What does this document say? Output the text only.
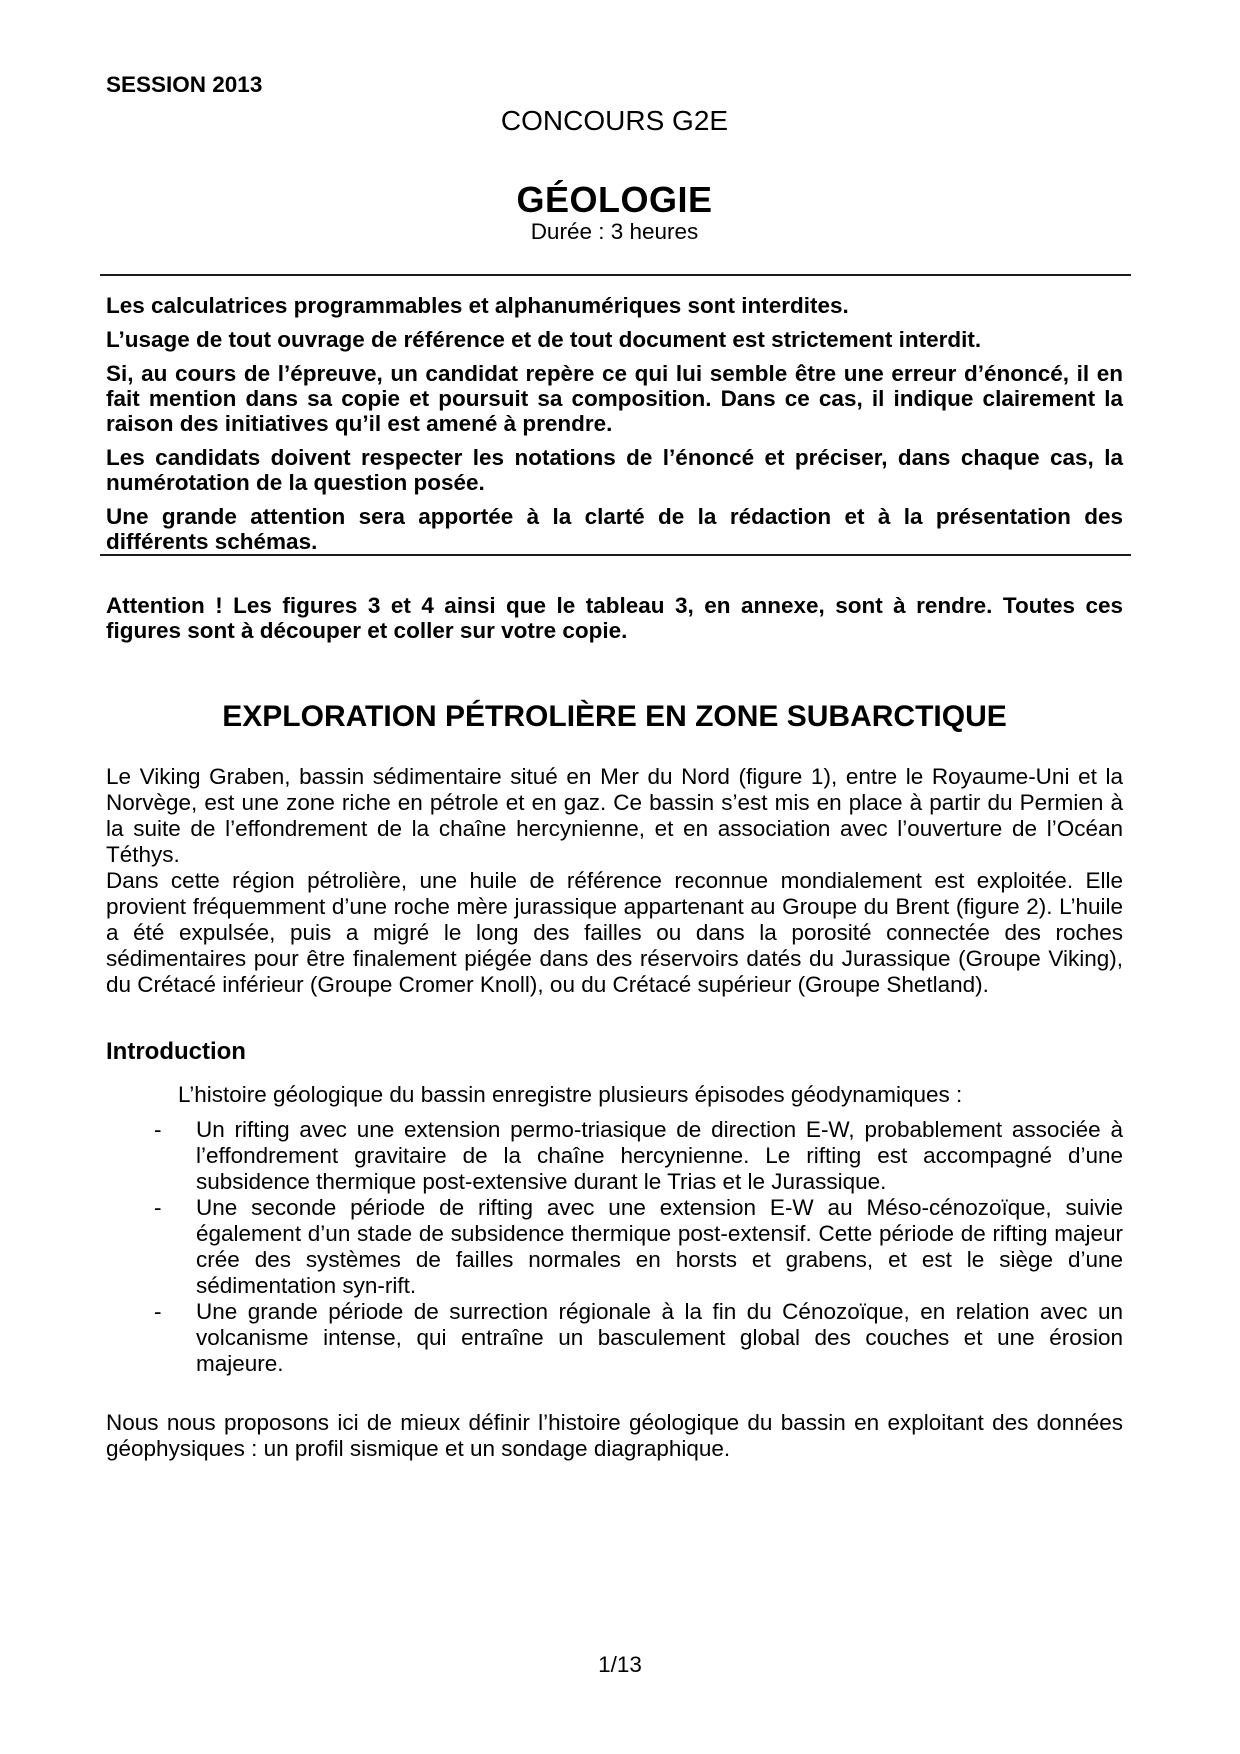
SESSION 2013
CONCOURS G2E
GÉOLOGIE
Durée : 3 heures

Les calculatrices programmables et alphanumériques sont interdites.

L’usage de tout ouvrage de référence et de tout document est strictement interdit.

Si, au cours de l’épreuve, un candidat repère ce qui lui semble être une erreur d’énoncé, il en fait mention dans sa copie et poursuit sa composition. Dans ce cas, il indique clairement la raison des initiatives qu’il est amené à prendre.

Les candidats doivent respecter les notations de l’énoncé et préciser, dans chaque cas, la numérotation de la question posée.

Une grande attention sera apportée à la clarté de la rédaction et à la présentation des différents schémas.

Attention ! Les figures 3 et 4 ainsi que le tableau 3, en annexe, sont à rendre. Toutes ces figures sont à découper et coller sur votre copie.

EXPLORATION PÉTROLIÈRE EN ZONE SUBARCTIQUE

Le Viking Graben, bassin sédimentaire situé en Mer du Nord (figure 1), entre le Royaume-Uni et la Norvège, est une zone riche en pétrole et en gaz. Ce bassin s’est mis en place à partir du Permien à la suite de l’effondrement de la chaîne hercynienne, et en association avec l’ouverture de l’Océan Téthys.

Dans cette région pétrolière, une huile de référence reconnue mondialement est exploitée. Elle provient fréquemment d’une roche mère jurassique appartenant au Groupe du Brent (figure 2). L’huile a été expulsée, puis a migré le long des failles ou dans la porosité connectée des roches sédimentaires pour être finalement piégée dans des réservoirs datés du Jurassique (Groupe Viking), du Crétacé inférieur (Groupe Cromer Knoll), ou du Crétacé supérieur (Groupe Shetland).

Introduction

L’histoire géologique du bassin enregistre plusieurs épisodes géodynamiques :

- Un rifting avec une extension permo-triasique de direction E-W, probablement associée à l’effondrement gravitaire de la chaîne hercynienne. Le rifting est accompagné d’une subsidence thermique post-extensive durant le Trias et le Jurassique.
- Une seconde période de rifting avec une extension E-W au Méso-cénozoïque, suivie également d’un stade de subsidence thermique post-extensif. Cette période de rifting majeur crée des systèmes de failles normales en horsts et grabens, et est le siège d’une sédimentation syn-rift.
- Une grande période de surrection régionale à la fin du Cénozoïque, en relation avec un volcanisme intense, qui entraîne un basculement global des couches et une érosion majeure.

Nous nous proposons ici de mieux définir l’histoire géologique du bassin en exploitant des données géophysiques : un profil sismique et un sondage diagraphique.

1/13
